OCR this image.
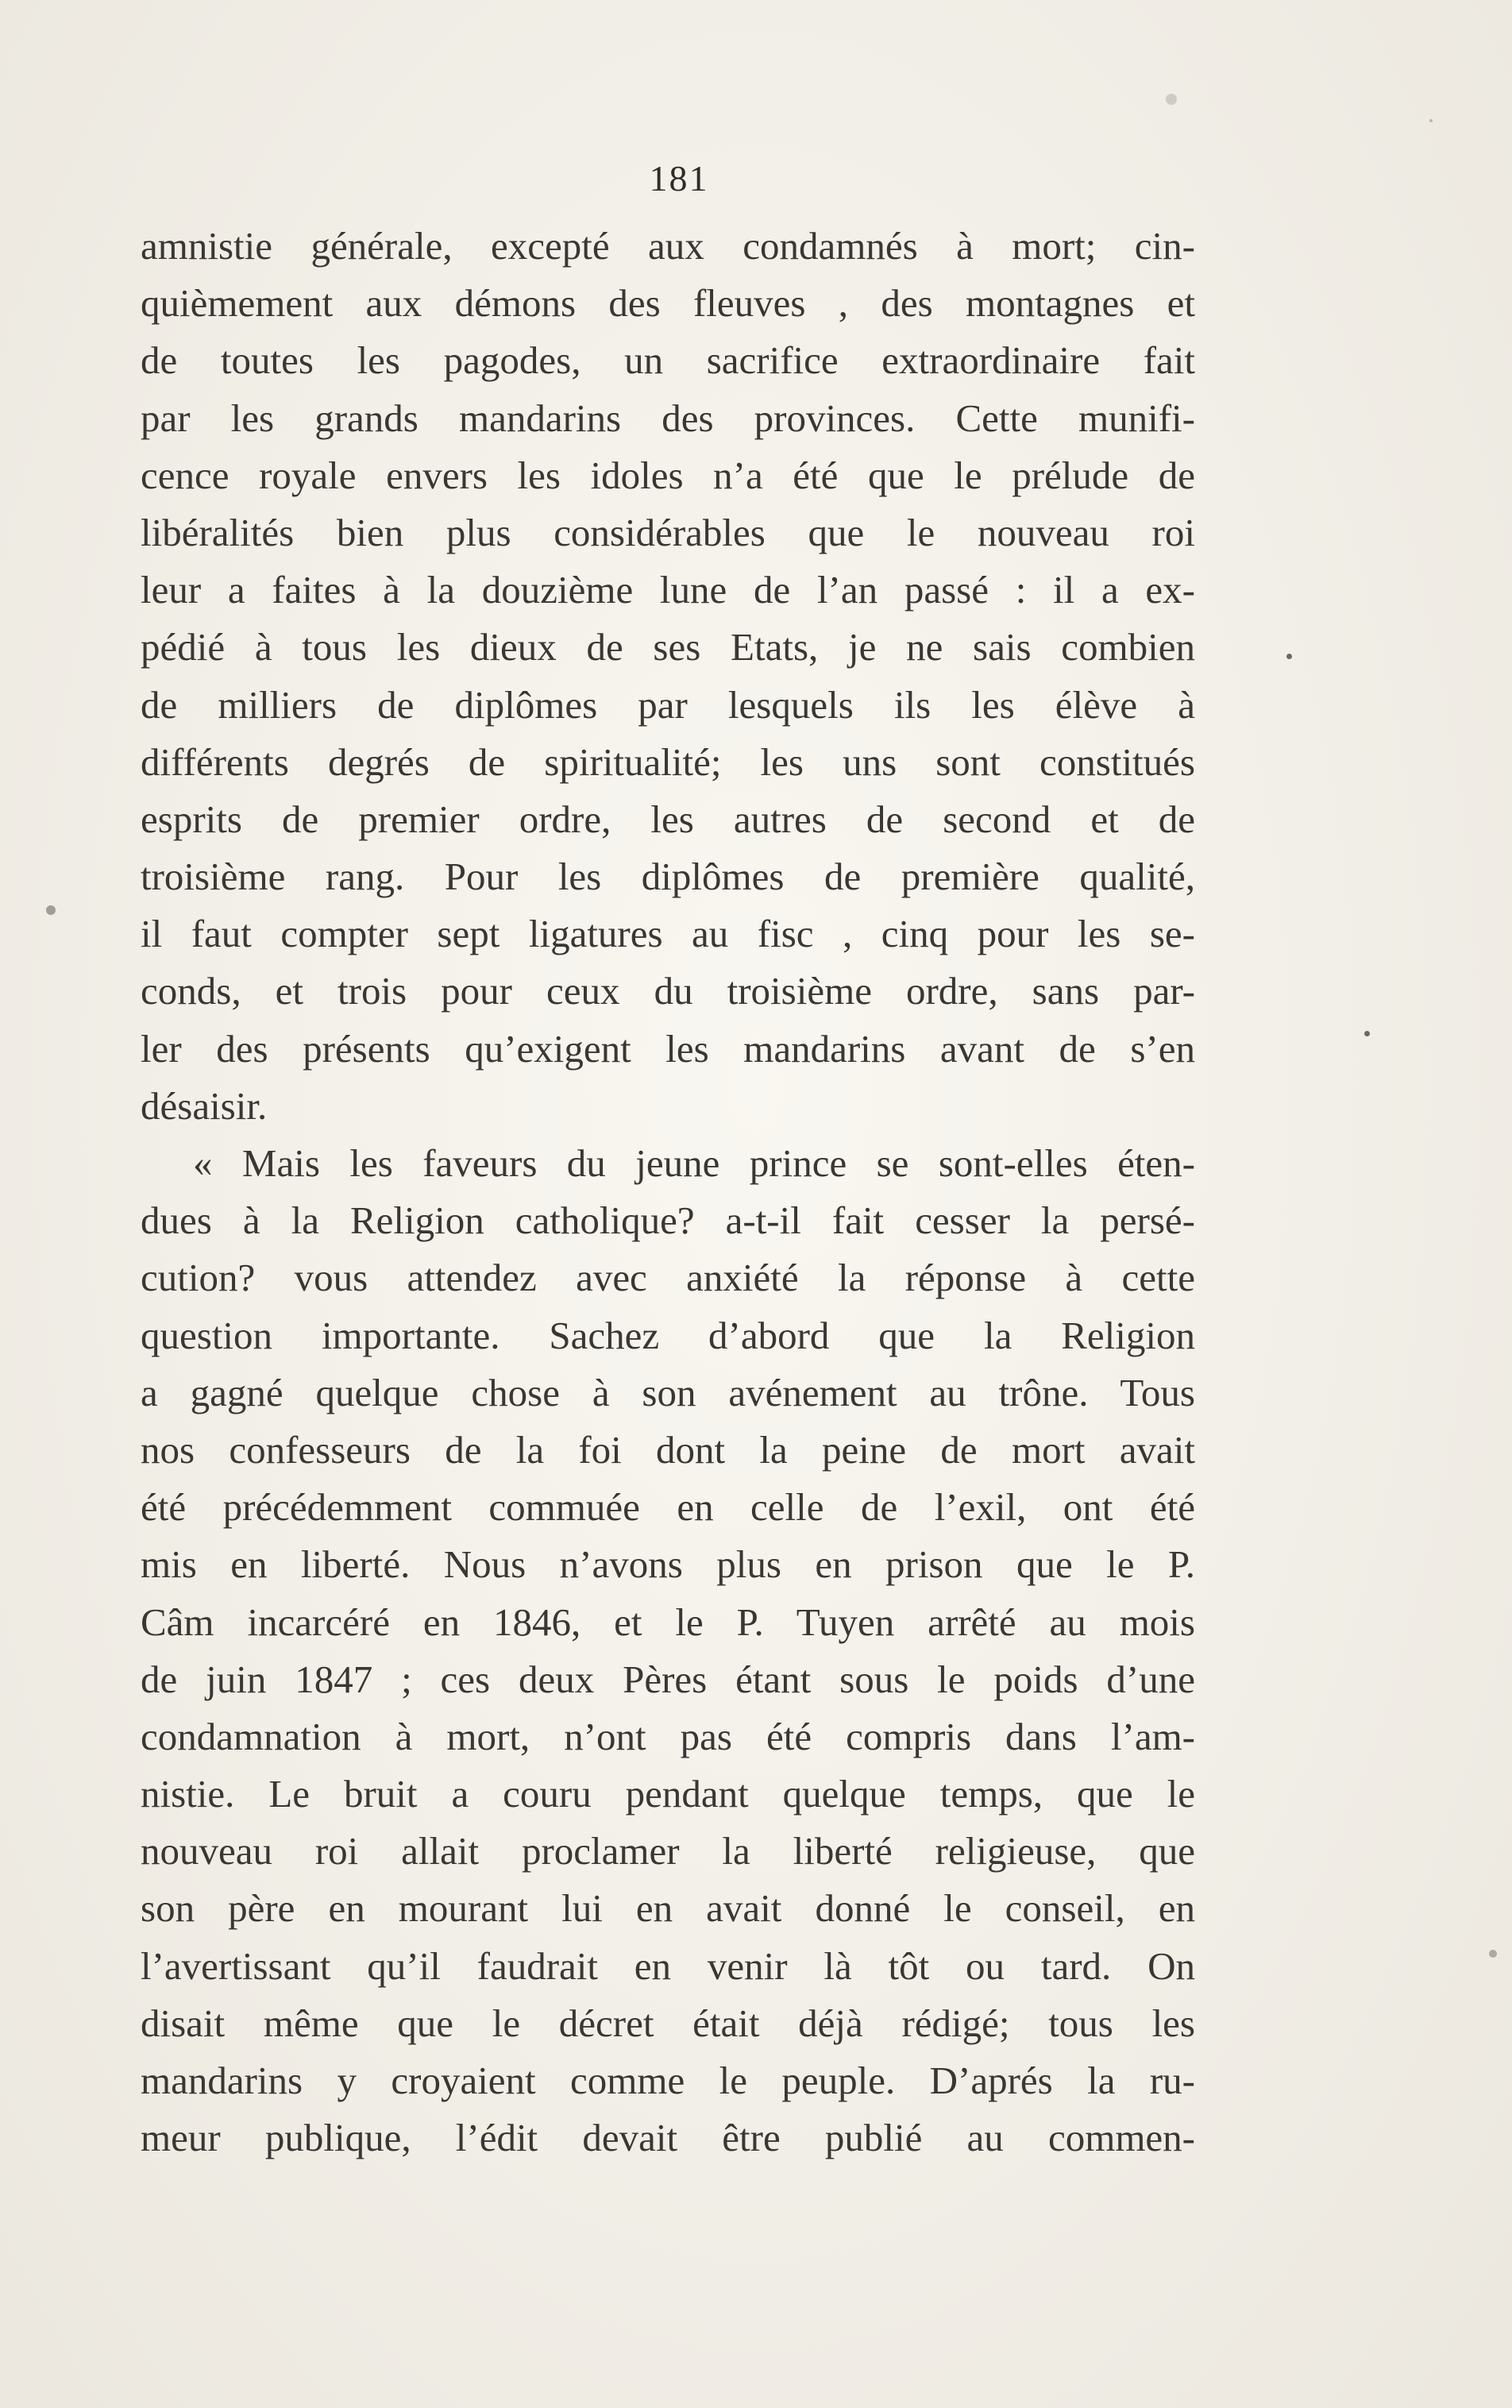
181
amnistie générale, excepté aux condamnés à mort; cin-
quièmement aux démons des fleuves , des montagnes et
de toutes les pagodes, un sacrifice extraordinaire fait
par les grands mandarins des provinces. Cette munifi-
cence royale envers les idoles n’a été que le prélude de
libéralités bien plus considérables que le nouveau roi
leur a faites à la douzième lune de l’an passé : il a ex-
pédié à tous les dieux de ses Etats, je ne sais combien
de milliers de diplômes par lesquels ils les élève à
différents degrés de spiritualité; les uns sont constitués
esprits de premier ordre, les autres de second et de
troisième rang. Pour les diplômes de première qualité,
il faut compter sept ligatures au fisc , cinq pour les se-
conds, et trois pour ceux du troisième ordre, sans par-
ler des présents qu’exigent les mandarins avant de s’en
désaisir.
« Mais les faveurs du jeune prince se sont-elles éten-
dues à la Religion catholique? a-t-il fait cesser la persé-
cution? vous attendez avec anxiété la réponse à cette
question importante. Sachez d’abord que la Religion
a gagné quelque chose à son avénement au trône. Tous
nos confesseurs de la foi dont la peine de mort avait
été précédemment commuée en celle de l’exil, ont été
mis en liberté. Nous n’avons plus en prison que le P.
Câm incarcéré en 1846, et le P. Tuyen arrêté au mois
de juin 1847 ; ces deux Pères étant sous le poids d’une
condamnation à mort, n’ont pas été compris dans l’am-
nistie. Le bruit a couru pendant quelque temps, que le
nouveau roi allait proclamer la liberté religieuse, que
son père en mourant lui en avait donné le conseil, en
l’avertissant qu’il faudrait en venir là tôt ou tard. On
disait même que le décret était déjà rédigé; tous les
mandarins y croyaient comme le peuple. D’aprés la ru-
meur publique, l’édit devait être publié au commen-
